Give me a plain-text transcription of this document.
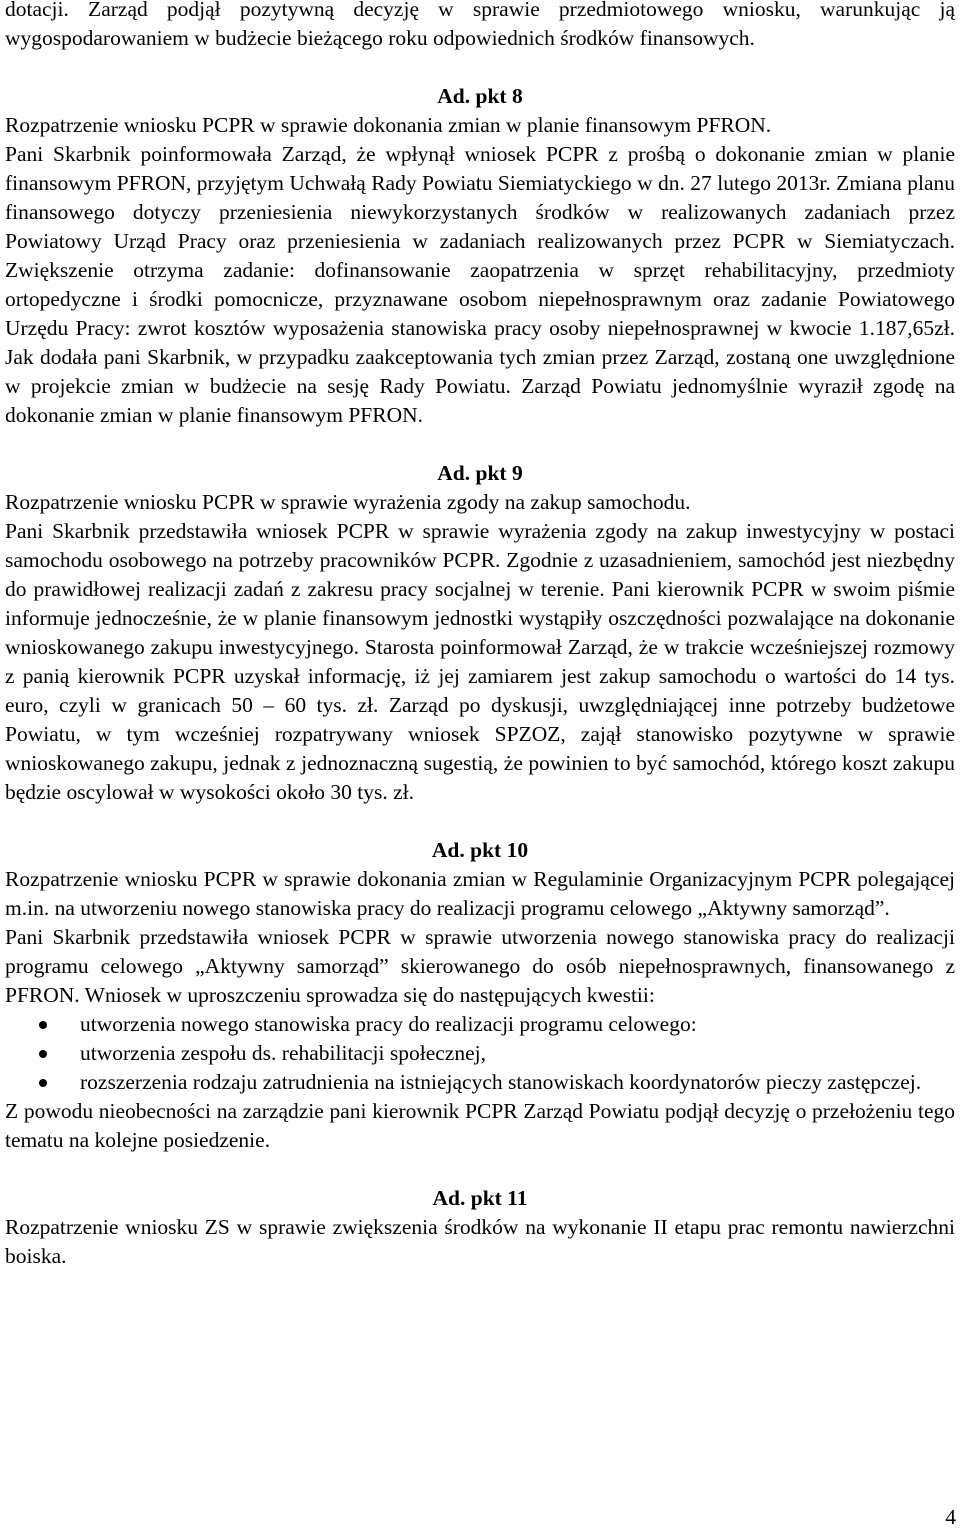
dotacji. Zarząd podjął pozytywną decyzję w sprawie przedmiotowego wniosku, warunkując ją wygospodarowaniem w budżecie bieżącego roku odpowiednich środków finansowych.

Ad. pkt 8

Rozpatrzenie wniosku PCPR w sprawie dokonania zmian w planie finansowym PFRON.

Pani Skarbnik poinformowała Zarząd, że wpłynął wniosek PCPR z prośbą o dokonanie zmian w planie finansowym PFRON, przyjętym Uchwałą Rady Powiatu Siemiatyckiego w dn. 27 lutego 2013r. Zmiana planu finansowego dotyczy przeniesienia niewykorzystanych środków w realizowanych zadaniach przez Powiatowy Urząd Pracy oraz przeniesienia w zadaniach realizowanych przez PCPR w Siemiatyczach. Zwiększenie otrzyma zadanie: dofinansowanie zaopatrzenia w sprzęt rehabilitacyjny, przedmioty ortopedyczne i środki pomocnicze, przyznawane osobom niepełnosprawnym oraz zadanie Powiatowego Urzędu Pracy: zwrot kosztów wyposażenia stanowiska pracy osoby niepełnosprawnej w kwocie 1.187,65zł. Jak dodała pani Skarbnik, w przypadku zaakceptowania tych zmian przez Zarząd, zostaną one uwzględnione w projekcie zmian w budżecie na sesję Rady Powiatu. Zarząd Powiatu jednomyślnie wyraził zgodę na dokonanie zmian w planie finansowym PFRON.

Ad. pkt 9

Rozpatrzenie wniosku PCPR w sprawie wyrażenia zgody na zakup samochodu.

Pani Skarbnik przedstawiła wniosek PCPR w sprawie wyrażenia zgody na zakup inwestycyjny w postaci samochodu osobowego na potrzeby pracowników PCPR. Zgodnie z uzasadnieniem, samochód jest niezbędny do prawidłowej realizacji zadań z zakresu pracy socjalnej w terenie. Pani kierownik PCPR w swoim piśmie informuje jednocześnie, że w planie finansowym jednostki wystąpiły oszczędności pozwalające na dokonanie wnioskowanego zakupu inwestycyjnego. Starosta poinformował Zarząd, że w trakcie wcześniejszej rozmowy z panią kierownik PCPR uzyskał informację, iż jej zamiarem jest zakup samochodu o wartości do 14 tys. euro, czyli w granicach 50 – 60 tys. zł. Zarząd po dyskusji, uwzględniającej inne potrzeby budżetowe Powiatu, w tym wcześniej rozpatrywany wniosek SPZOZ, zajął stanowisko pozytywne w sprawie wnioskowanego zakupu, jednak z jednoznaczną sugestią, że powinien to być samochód, którego koszt zakupu będzie oscylował w wysokości około 30 tys. zł.

Ad. pkt 10

Rozpatrzenie wniosku PCPR w sprawie dokonania zmian w Regulaminie Organizacyjnym PCPR polegającej m.in. na utworzeniu nowego stanowiska pracy do realizacji programu celowego „Aktywny samorząd”.

Pani Skarbnik przedstawiła wniosek PCPR w sprawie utworzenia nowego stanowiska pracy do realizacji programu celowego „Aktywny samorząd” skierowanego do osób niepełnosprawnych, finansowanego z PFRON. Wniosek w uproszczeniu sprowadza się do następujących kwestii:

utworzenia nowego stanowiska pracy do realizacji programu celowego:
utworzenia zespołu ds. rehabilitacji społecznej,
rozszerzenia rodzaju zatrudnienia na istniejących stanowiskach koordynatorów pieczy zastępczej.

Z powodu nieobecności na zarządzie pani kierownik PCPR Zarząd Powiatu podjął decyzję o przełożeniu tego tematu na kolejne posiedzenie.

Ad. pkt 11

Rozpatrzenie wniosku ZS w sprawie zwiększenia środków na wykonanie II etapu prac remontu nawierzchni boiska.

4
